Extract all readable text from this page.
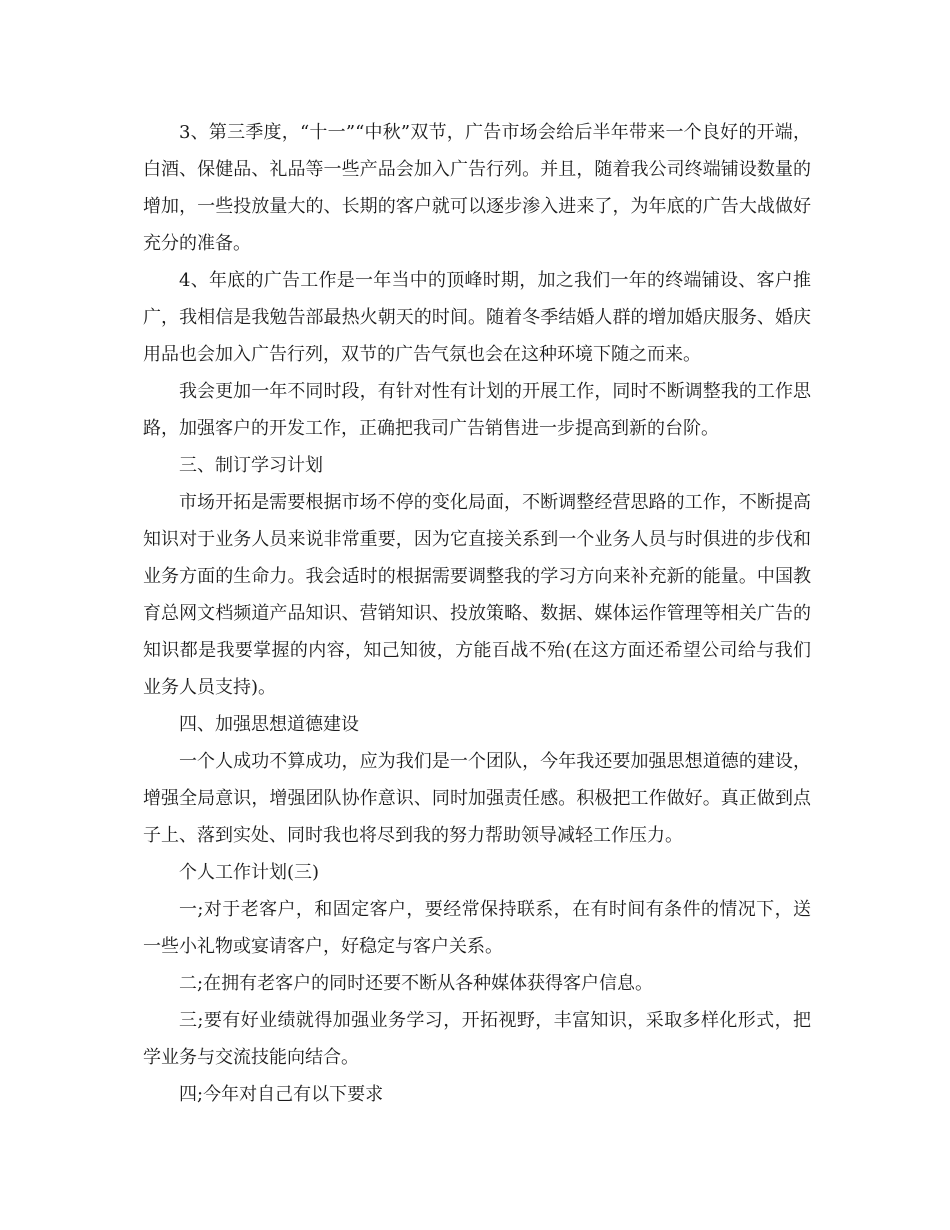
3、第三季度，“十一”“中秋”双节，广告市场会给后半年带来一个良好的开端，白酒、保健品、礼品等一些产品会加入广告行列。并且，随着我公司终端铺设数量的增加，一些投放量大的、长期的客户就可以逐步渗入进来了，为年底的广告大战做好充分的准备。

4、年底的广告工作是一年当中的顶峰时期，加之我们一年的终端铺设、客户推广，我相信是我勉告部最热火朝天的时间。随着冬季结婚人群的增加婚庆服务、婚庆用品也会加入广告行列，双节的广告气氛也会在这种环境下随之而来。

我会更加一年不同时段，有针对性有计划的开展工作，同时不断调整我的工作思路，加强客户的开发工作，正确把我司广告销售进一步提高到新的台阶。

三、制订学习计划

市场开拓是需要根据市场不停的变化局面，不断调整经营思路的工作，不断提高知识对于业务人员来说非常重要，因为它直接关系到一个业务人员与时俱进的步伐和业务方面的生命力。我会适时的根据需要调整我的学习方向来补充新的能量。中国教育总网文档频道产品知识、营销知识、投放策略、数据、媒体运作管理等相关广告的知识都是我要掌握的内容，知己知彼，方能百战不殆(在这方面还希望公司给与我们业务人员支持)。

四、加强思想道德建设

一个人成功不算成功，应为我们是一个团队，今年我还要加强思想道德的建设，增强全局意识，增强团队协作意识、同时加强责任感。积极把工作做好。真正做到点子上、落到实处、同时我也将尽到我的努力帮助领导减轻工作压力。

个人工作计划(三)

一;对于老客户，和固定客户，要经常保持联系，在有时间有条件的情况下，送一些小礼物或宴请客户，好稳定与客户关系。

二;在拥有老客户的同时还要不断从各种媒体获得客户信息。

三;要有好业绩就得加强业务学习，开拓视野，丰富知识，采取多样化形式，把学业务与交流技能向结合。

四;今年对自己有以下要求
